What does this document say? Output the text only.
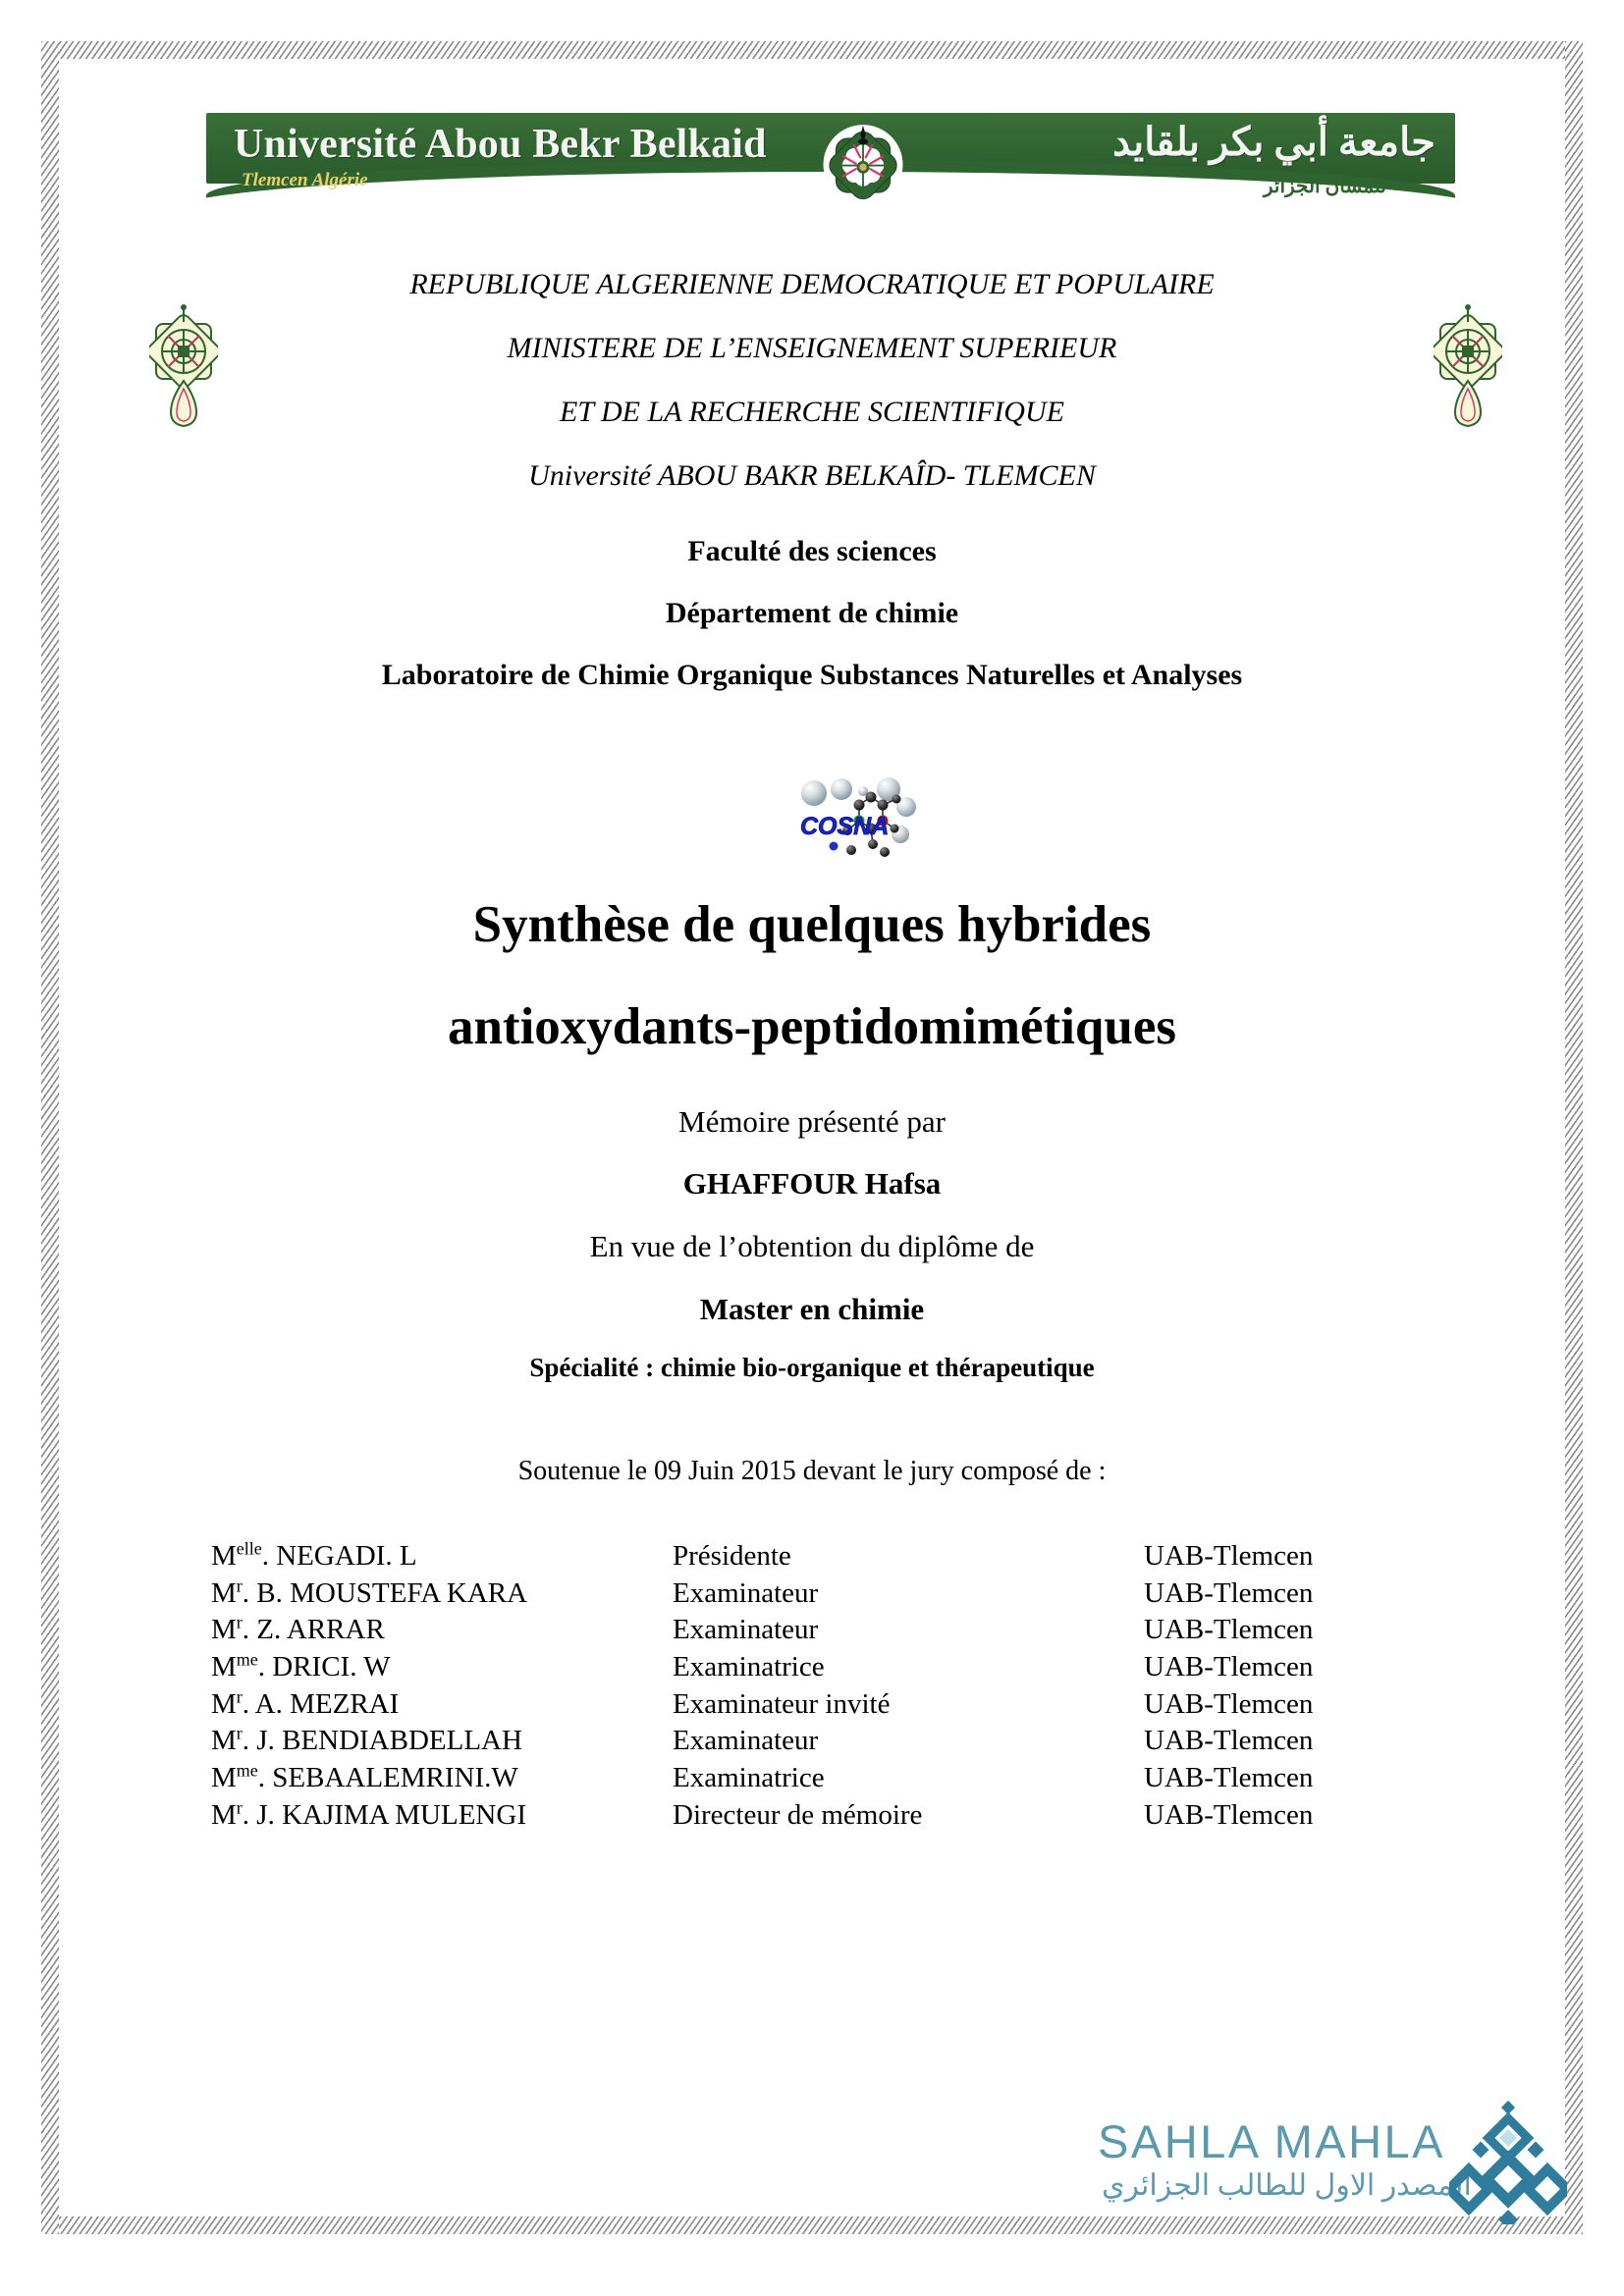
Université Abou Bekr Belkaid
Tlemcen Algérie
جامعة أبي بكر بلقايد
تلمسان الجزائر
REPUBLIQUE ALGERIENNE DEMOCRATIQUE ET POPULAIRE
MINISTERE DE L’ENSEIGNEMENT SUPERIEUR
ET DE LA RECHERCHE SCIENTIFIQUE
Université ABOU BAKR BELKAÎD- TLEMCEN
Faculté des sciences
Département de chimie
Laboratoire de Chimie Organique Substances Naturelles et Analyses
COSNA
Synthèse de quelques hybrides
antioxydants-peptidomimétiques
Mémoire présenté par
GHAFFOUR Hafsa
En vue de l’obtention du diplôme de
Master en chimie
Spécialité : chimie bio-organique et thérapeutique
Soutenue le 09 Juin 2015 devant le jury composé de :
$M^{elle}$. NEGADI. L	Présidente	UAB-Tlemcen
$M^r$. B. MOUSTEFA KARA	Examinateur	UAB-Tlemcen
$M^r$. Z. ARRAR	Examinateur	UAB-Tlemcen
$M^{me}$. DRICI. W	Examinatrice	UAB-Tlemcen
$M^r$. A. MEZRAI	Examinateur invité	UAB-Tlemcen
$M^r$. J. BENDIABDELLAH	Examinateur	UAB-Tlemcen
$M^{me}$. SEBAALEMRINI.W	Examinatrice	UAB-Tlemcen
$M^r$. J. KAJIMA MULENGI	Directeur de mémoire	UAB-Tlemcen
SAHLA MAHLA
المصدر الاول للطالب الجزائري
